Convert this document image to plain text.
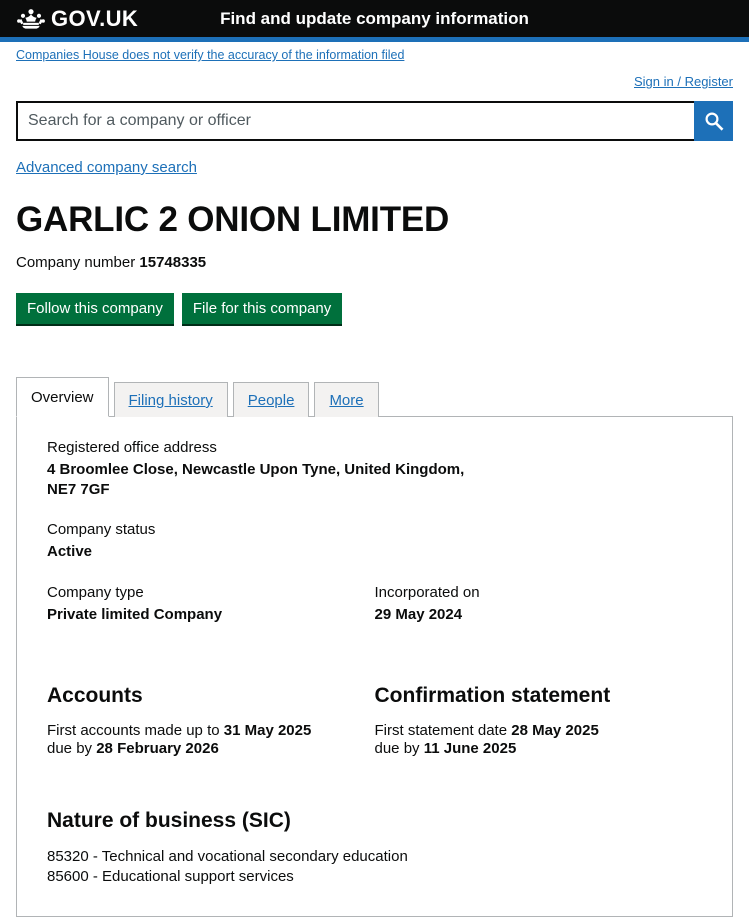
GOV.UK	Find and update company information
Companies House does not verify the accuracy of the information filed
Sign in / Register
Search for a company or officer
Advanced company search
GARLIC 2 ONION LIMITED
Company number 15748335
Follow this company	File for this company
Overview	Filing history	People	More
Registered office address
4 Broomlee Close, Newcastle Upon Tyne, United Kingdom, NE7 7GF
Company status
Active
Company type
Private limited Company
Incorporated on
29 May 2024
Accounts

First accounts made up to 31 May 2025

due by 28 February 2026

Confirmation statement

First statement date 28 May 2025

due by 11 June 2025

Nature of business (SIC)
85320 - Technical and vocational secondary education
85600 - Educational support services
